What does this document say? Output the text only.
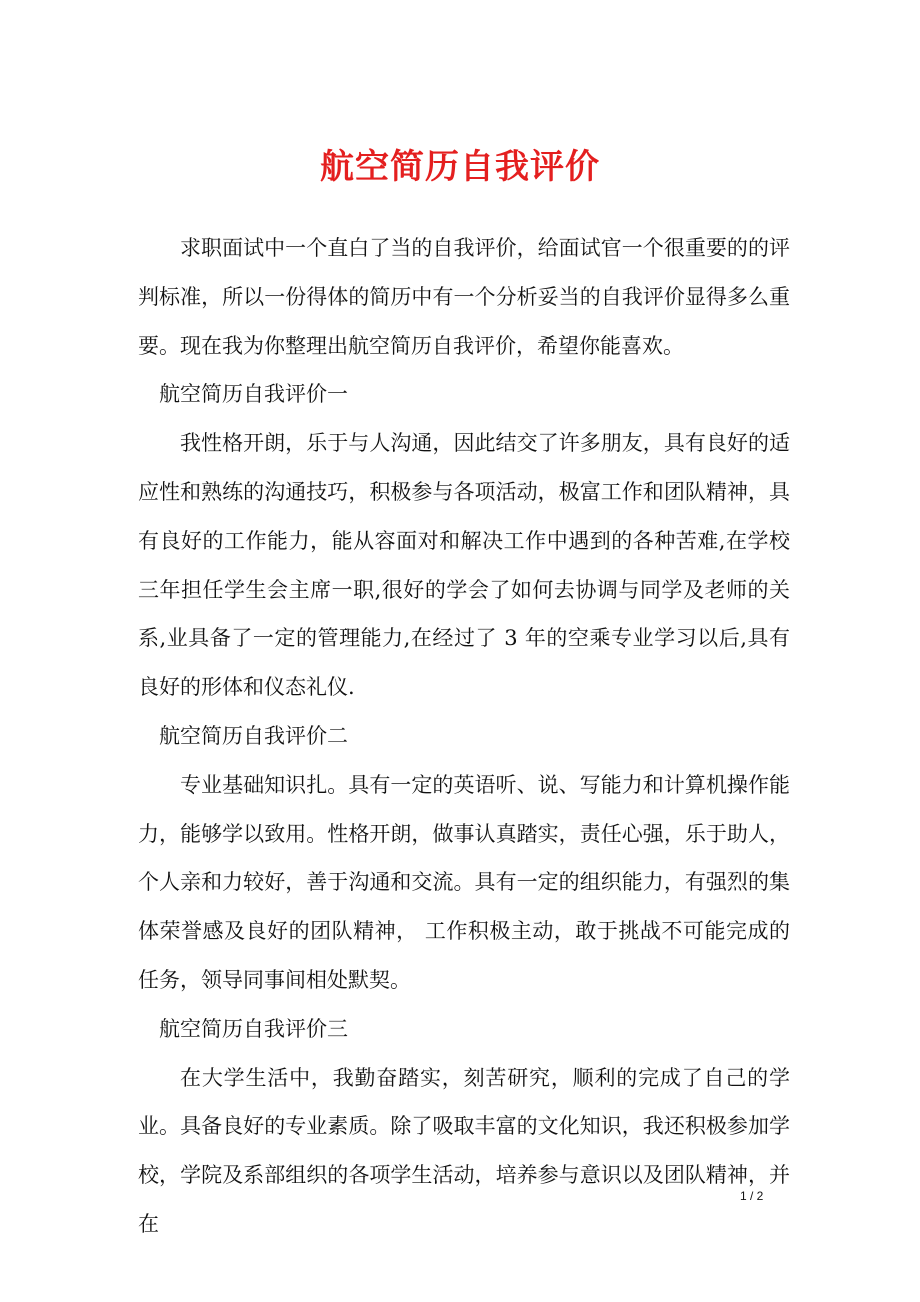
航空简历自我评价

求职面试中一个直白了当的自我评价，给面试官一个很重要的的评判标准，所以一份得体的简历中有一个分析妥当的自我评价显得多么重要。现在我为你整理出航空简历自我评价，希望你能喜欢。

航空简历自我评价一

我性格开朗，乐于与人沟通，因此结交了许多朋友，具有良好的适应性和熟练的沟通技巧，积极参与各项活动，极富工作和团队精神，具有良好的工作能力，能从容面对和解决工作中遇到的各种苦难,在学校三年担任学生会主席一职,很好的学会了如何去协调与同学及老师的关系,业具备了一定的管理能力,在经过了 3 年的空乘专业学习以后,具有良好的形体和仪态礼仪.

航空简历自我评价二

专业基础知识扎。具有一定的英语听、说、写能力和计算机操作能力，能够学以致用。性格开朗，做事认真踏实，责任心强，乐于助人，个人亲和力较好，善于沟通和交流。具有一定的组织能力，有强烈的集体荣誉感及良好的团队精神， 工作积极主动，敢于挑战不可能完成的任务，领导同事间相处默契。

航空简历自我评价三

在大学生活中，我勤奋踏实，刻苦研究，顺利的完成了自己的学业。具备良好的专业素质。除了吸取丰富的文化知识，我还积极参加学校，学院及系部组织的各项学生活动，培养参与意识以及团队精神，并在

1 / 2
